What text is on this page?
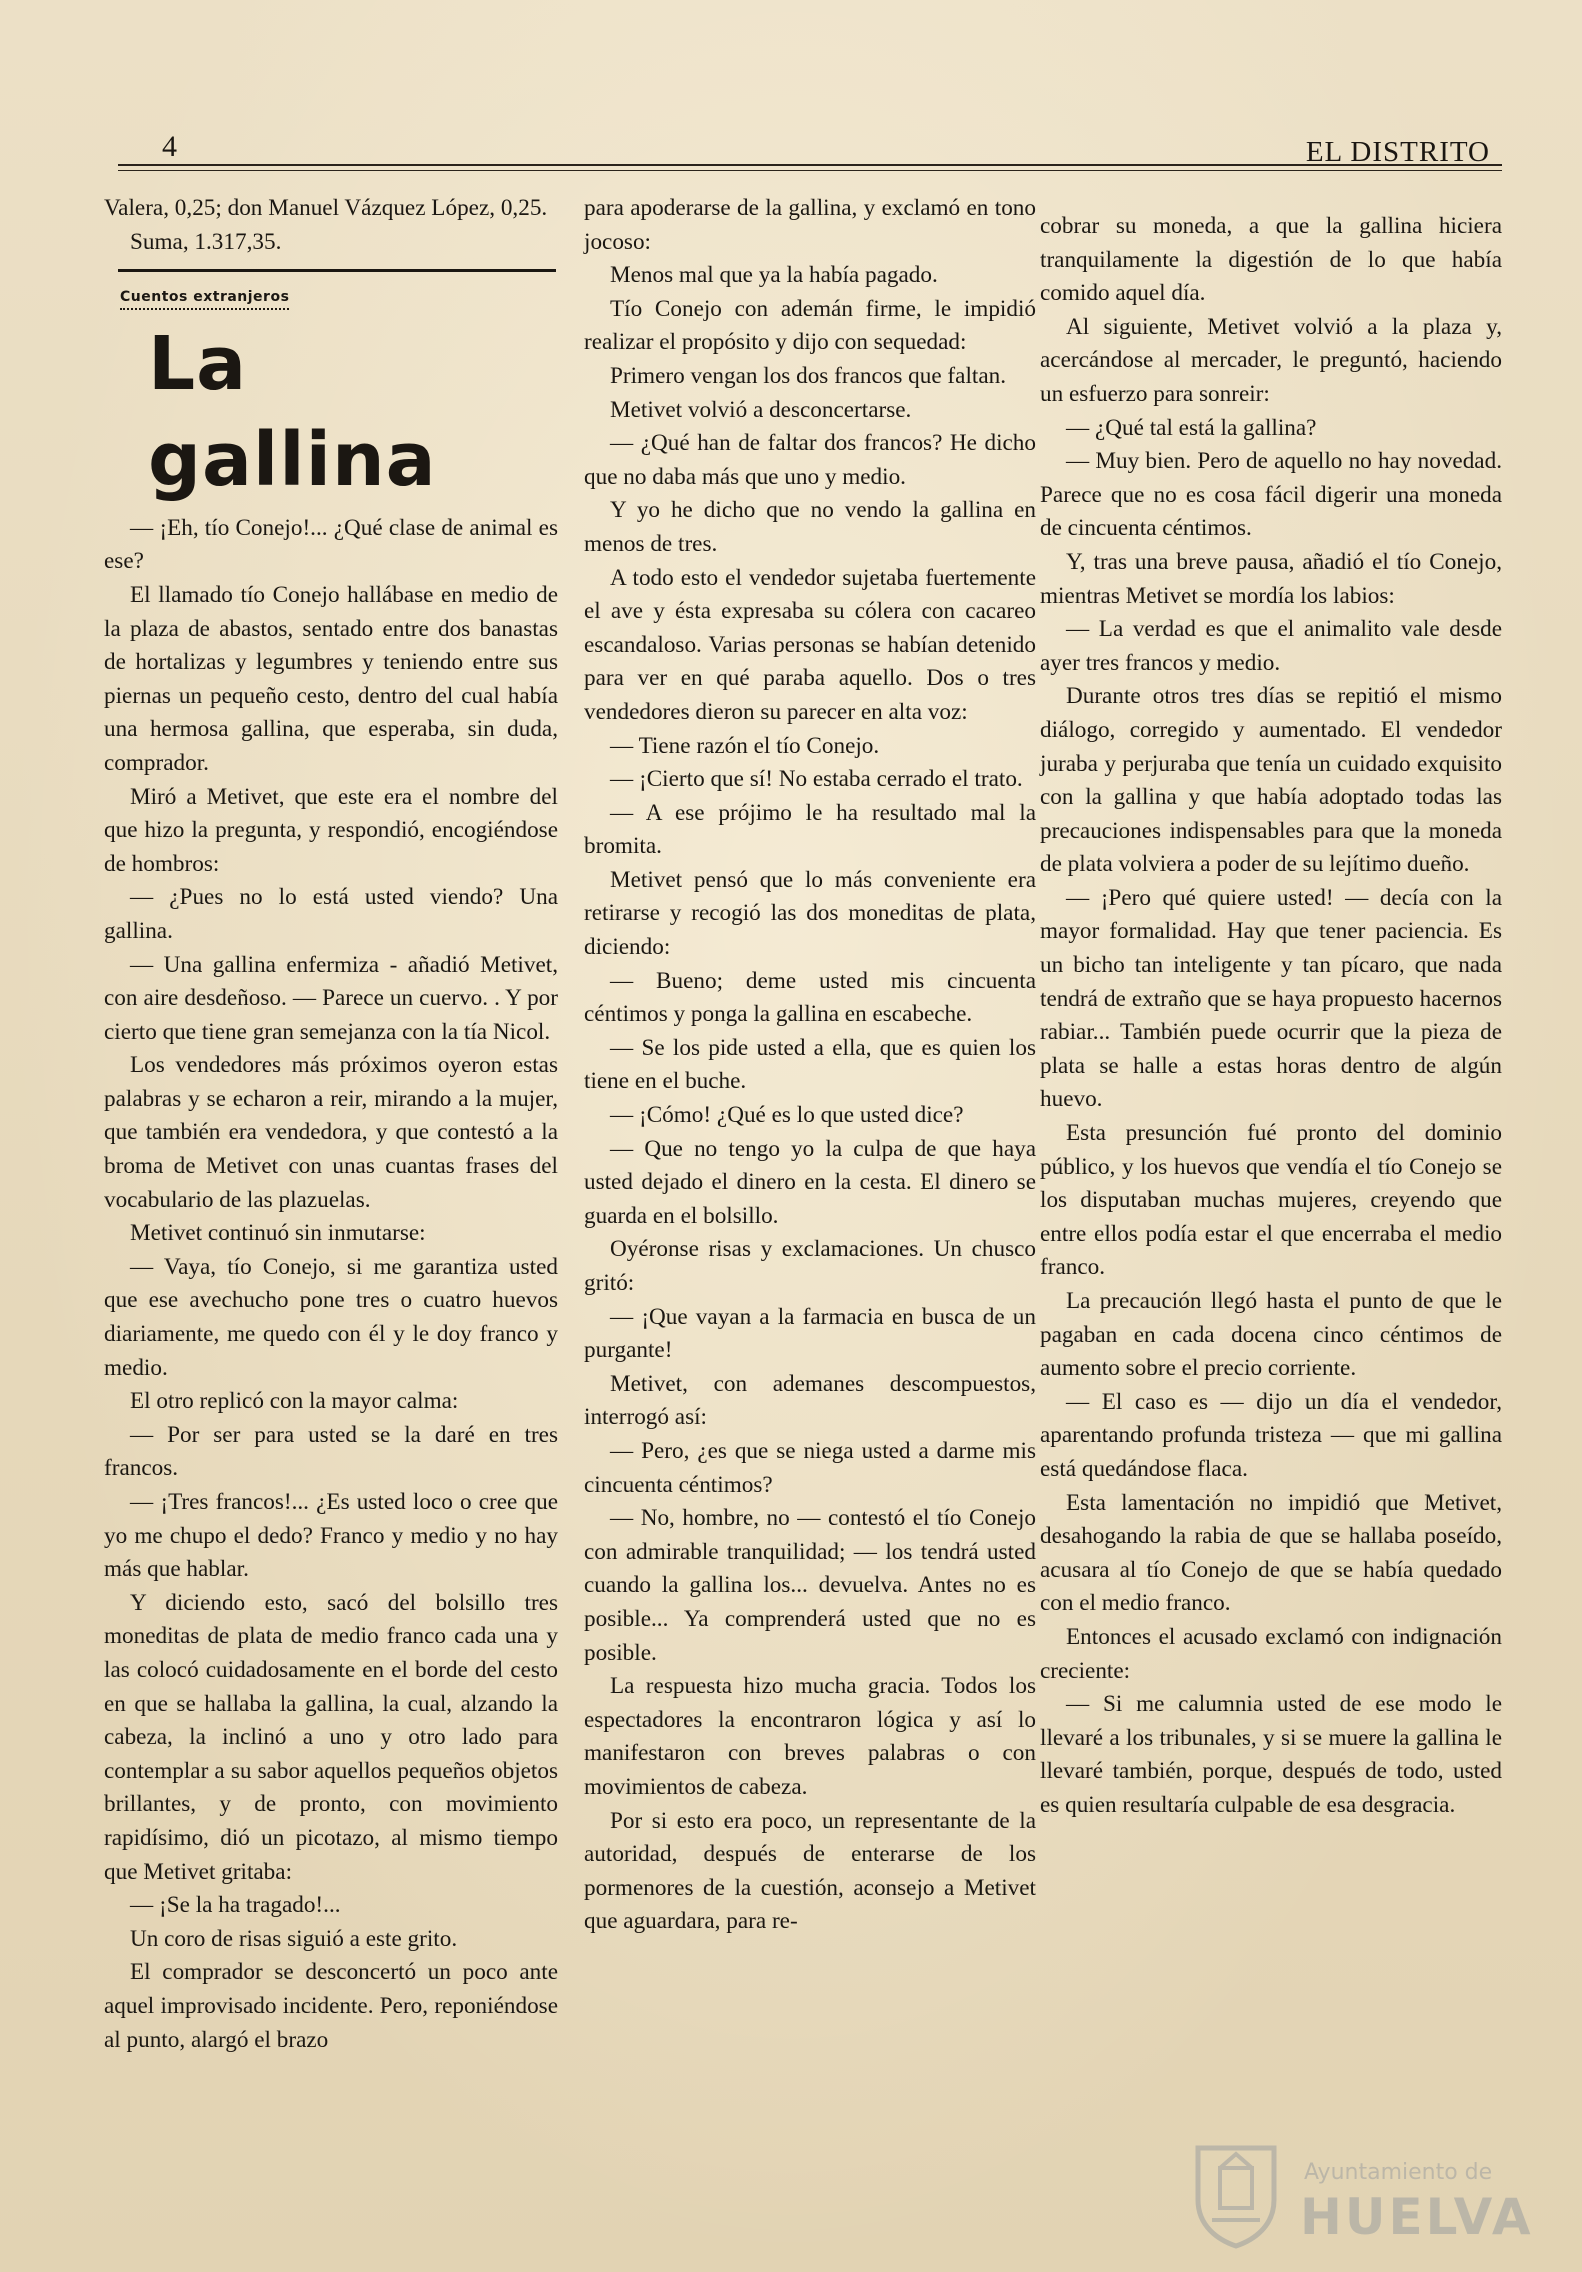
4	EL DISTRITO

Valera, 0,25; don Manuel Vázquez López, 0,25.

Suma, 1.317,35.

Cuentos extranjeros
La gallina

— ¡Eh, tío Conejo!... ¿Qué clase de animal es ese?

El llamado tío Conejo hallábase en medio de la plaza de abastos, sentado entre dos banastas de hortalizas y legumbres y teniendo entre sus piernas un pequeño cesto, dentro del cual había una hermosa gallina, que esperaba, sin duda, comprador.

Miró a Metivet, que este era el nombre del que hizo la pregunta, y respondió, encogiéndose de hombros:

— ¿Pues no lo está usted viendo? Una gallina.

— Una gallina enfermiza - añadió Metivet, con aire desdeñoso. — Parece un cuervo. . Y por cierto que tiene gran semejanza con la tía Nicol.

Los vendedores más próximos oyeron estas palabras y se echaron a reir, mirando a la mujer, que también era vendedora, y que contestó a la broma de Metivet con unas cuantas frases del vocabulario de las plazuelas.

Metivet continuó sin inmutarse:

— Vaya, tío Conejo, si me garantiza usted que ese avechucho pone tres o cuatro huevos diariamente, me quedo con él y le doy franco y medio.

El otro replicó con la mayor calma:

— Por ser para usted se la daré en tres francos.

— ¡Tres francos!... ¿Es usted loco o cree que yo me chupo el dedo? Franco y medio y no hay más que hablar.

Y diciendo esto, sacó del bolsillo tres moneditas de plata de medio franco cada una y las colocó cuidadosamente en el borde del cesto en que se hallaba la gallina, la cual, alzando la cabeza, la inclinó a uno y otro lado para contemplar a su sabor aquellos pequeños objetos brillantes, y de pronto, con movimiento rapidísimo, dió un picotazo, al mismo tiempo que Metivet gritaba:

— ¡Se la ha tragado!...

Un coro de risas siguió a este grito.

El comprador se desconcertó un poco ante aquel improvisado incidente. Pero, reponiéndose al punto, alargó el brazo

para apoderarse de la gallina, y exclamó en tono jocoso:

Menos mal que ya la había pagado.

Tío Conejo con ademán firme, le impidió realizar el propósito y dijo con sequedad:

Primero vengan los dos francos que faltan.

Metivet volvió a desconcertarse.

— ¿Qué han de faltar dos francos? He dicho que no daba más que uno y medio.

Y yo he dicho que no vendo la gallina en menos de tres.

A todo esto el vendedor sujetaba fuertemente el ave y ésta expresaba su cólera con cacareo escandaloso. Varias personas se habían detenido para ver en qué paraba aquello. Dos o tres vendedores dieron su parecer en alta voz:

— Tiene razón el tío Conejo.

— ¡Cierto que sí! No estaba cerrado el trato.

— A ese prójimo le ha resultado mal la bromita.

Metivet pensó que lo más conveniente era retirarse y recogió las dos moneditas de plata, diciendo:

— Bueno; deme usted mis cincuenta céntimos y ponga la gallina en escabeche.

— Se los pide usted a ella, que es quien los tiene en el buche.

— ¡Cómo! ¿Qué es lo que usted dice?

— Que no tengo yo la culpa de que haya usted dejado el dinero en la cesta. El dinero se guarda en el bolsillo.

Oyéronse risas y exclamaciones. Un chusco gritó:

— ¡Que vayan a la farmacia en busca de un purgante!

Metivet, con ademanes descompuestos, interrogó así:

— Pero, ¿es que se niega usted a darme mis cincuenta céntimos?

— No, hombre, no — contestó el tío Conejo con admirable tranquilidad; — los tendrá usted cuando la gallina los... devuelva. Antes no es posible... Ya comprenderá usted que no es posible.

La respuesta hizo mucha gracia. Todos los espectadores la encontraron lógica y así lo manifestaron con breves palabras o con movimientos de cabeza.

Por si esto era poco, un representante de la autoridad, después de enterarse de los pormenores de la cuestión, aconsejo a Metivet que aguardara, para re-

cobrar su moneda, a que la gallina hiciera tranquilamente la digestión de lo que había comido aquel día.

Al siguiente, Metivet volvió a la plaza y, acercándose al mercader, le preguntó, haciendo un esfuerzo para sonreir:

— ¿Qué tal está la gallina?

— Muy bien. Pero de aquello no hay novedad. Parece que no es cosa fácil digerir una moneda de cincuenta céntimos.

Y, tras una breve pausa, añadió el tío Conejo, mientras Metivet se mordía los labios:

— La verdad es que el animalito vale desde ayer tres francos y medio.

Durante otros tres días se repitió el mismo diálogo, corregido y aumentado. El vendedor juraba y perjuraba que tenía un cuidado exquisito con la gallina y que había adoptado todas las precauciones indispensables para que la moneda de plata volviera a poder de su lejítimo dueño.

— ¡Pero qué quiere usted! — decía con la mayor formalidad. Hay que tener paciencia. Es un bicho tan inteligente y tan pícaro, que nada tendrá de extraño que se haya propuesto hacernos rabiar... También puede ocurrir que la pieza de plata se halle a estas horas dentro de algún huevo.

Esta presunción fué pronto del dominio público, y los huevos que vendía el tío Conejo se los disputaban muchas mujeres, creyendo que entre ellos podía estar el que encerraba el medio franco.

La precaución llegó hasta el punto de que le pagaban en cada docena cinco céntimos de aumento sobre el precio corriente.

— El caso es — dijo un día el vendedor, aparentando profunda tristeza — que mi gallina está quedándose flaca.

Esta lamentación no impidió que Metivet, desahogando la rabia de que se hallaba poseído, acusara al tío Conejo de que se había quedado con el medio franco.

Entonces el acusado exclamó con indignación creciente:

— Si me calumnia usted de ese modo le llevaré a los tribunales, y si se muere la gallina le llevaré también, porque, después de todo, usted es quien resultaría culpable de esa desgracia.

Ayuntamiento de
HUELVA
